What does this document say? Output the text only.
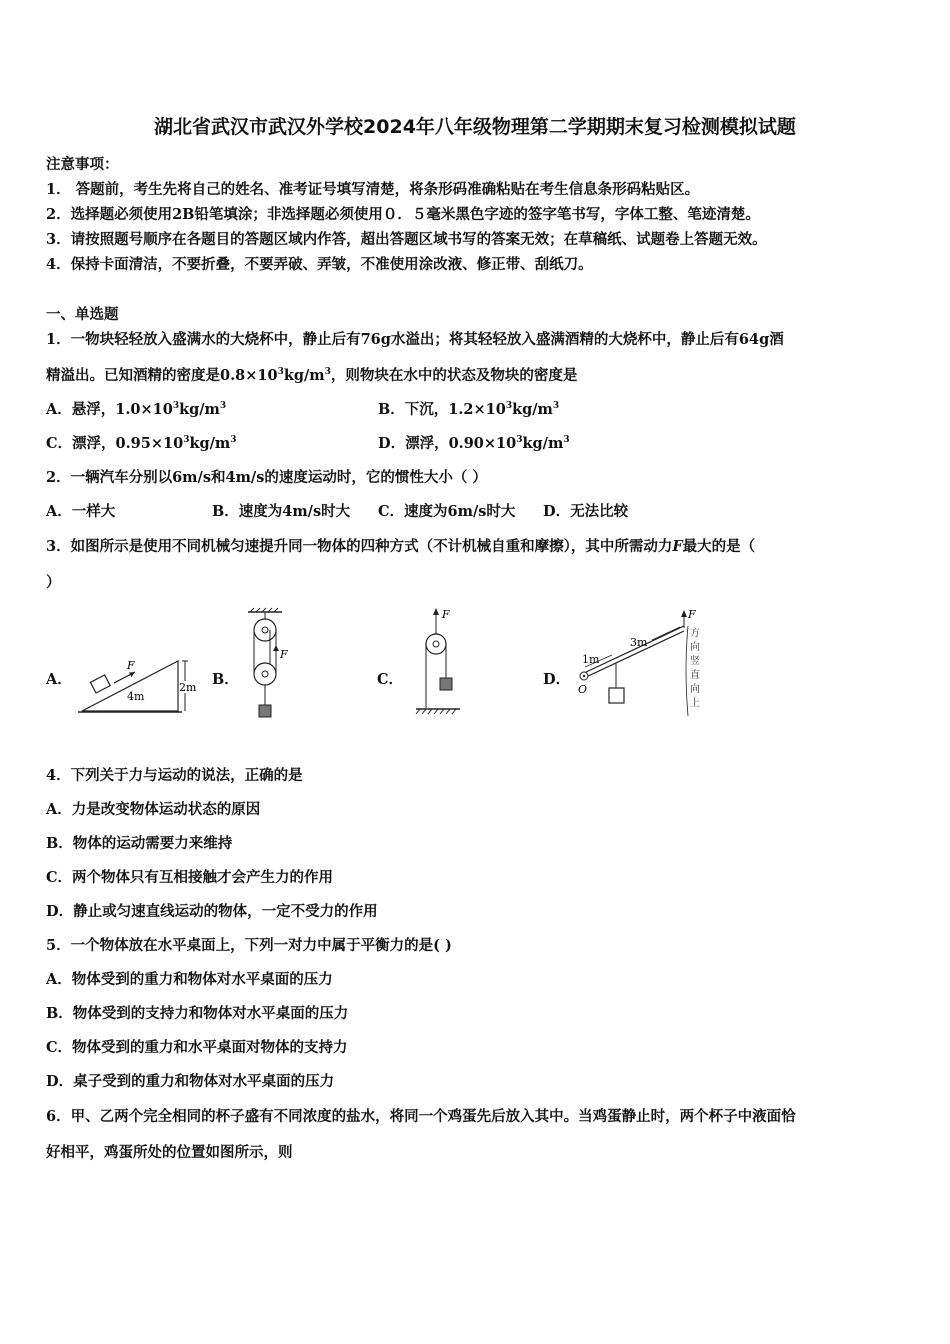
湖北省武汉市武汉外学校2024年八年级物理第二学期期末复习检测模拟试题
注意事项：
1． 答题前，考生先将自己的姓名、准考证号填写清楚，将条形码准确粘贴在考生信息条形码粘贴区。
2．选择题必须使用2B铅笔填涂；非选择题必须使用０．５毫米黑色字迹的签字笔书写，字体工整、笔迹清楚。
3．请按照题号顺序在各题目的答题区域内作答，超出答题区域书写的答案无效；在草稿纸、试题卷上答题无效。
4．保持卡面清洁，不要折叠，不要弄破、弄皱，不准使用涂改液、修正带、刮纸刀。
一、单选题
1．一物块轻轻放入盛满水的大烧杯中，静止后有76g水溢出；将其轻轻放入盛满酒精的大烧杯中，静止后有64g酒
精溢出。已知酒精的密度是$0.8\times 10^3kg/m^3$，则物块在水中的状态及物块的密度是
A．悬浮，$1.0\times 10^3kg/m^3$	B．下沉，$1.2\times 10^3kg/m^3$
C．漂浮，$0.95\times 10^3kg/m^3$	D．漂浮，$0.90\times 10^3kg/m^3$
2．一辆汽车分别以6m/s和4m/s的速度运动时，它的惯性大小（ ）
A．一样大	B．速度为4m/s时大 C．速度为6m/s时大 D．无法比较
3．如图所示是使用不同机械匀速提升同一物体的四种方式（不计机械自重和摩擦），其中所需动力F最大的是（
）
A．	B．	C．	D．
F
4m
2m
F
F
O
1m
3m
F
方
向
竖
直
向
上
4．下列关于力与运动的说法，正确的是
A．力是改变物体运动状态的原因
B．物体的运动需要力来维持
C．两个物体只有互相接触才会产生力的作用
D．静止或匀速直线运动的物体，一定不受力的作用
5．一个物体放在水平桌面上，下列一对力中属于平衡力的是( )
A．物体受到的重力和物体对水平桌面的压力
B．物体受到的支持力和物体对水平桌面的压力
C．物体受到的重力和水平桌面对物体的支持力
D．桌子受到的重力和物体对水平桌面的压力
6．甲、乙两个完全相同的杯子盛有不同浓度的盐水，将同一个鸡蛋先后放入其中。当鸡蛋静止时，两个杯子中液面恰
好相平，鸡蛋所处的位置如图所示，则
